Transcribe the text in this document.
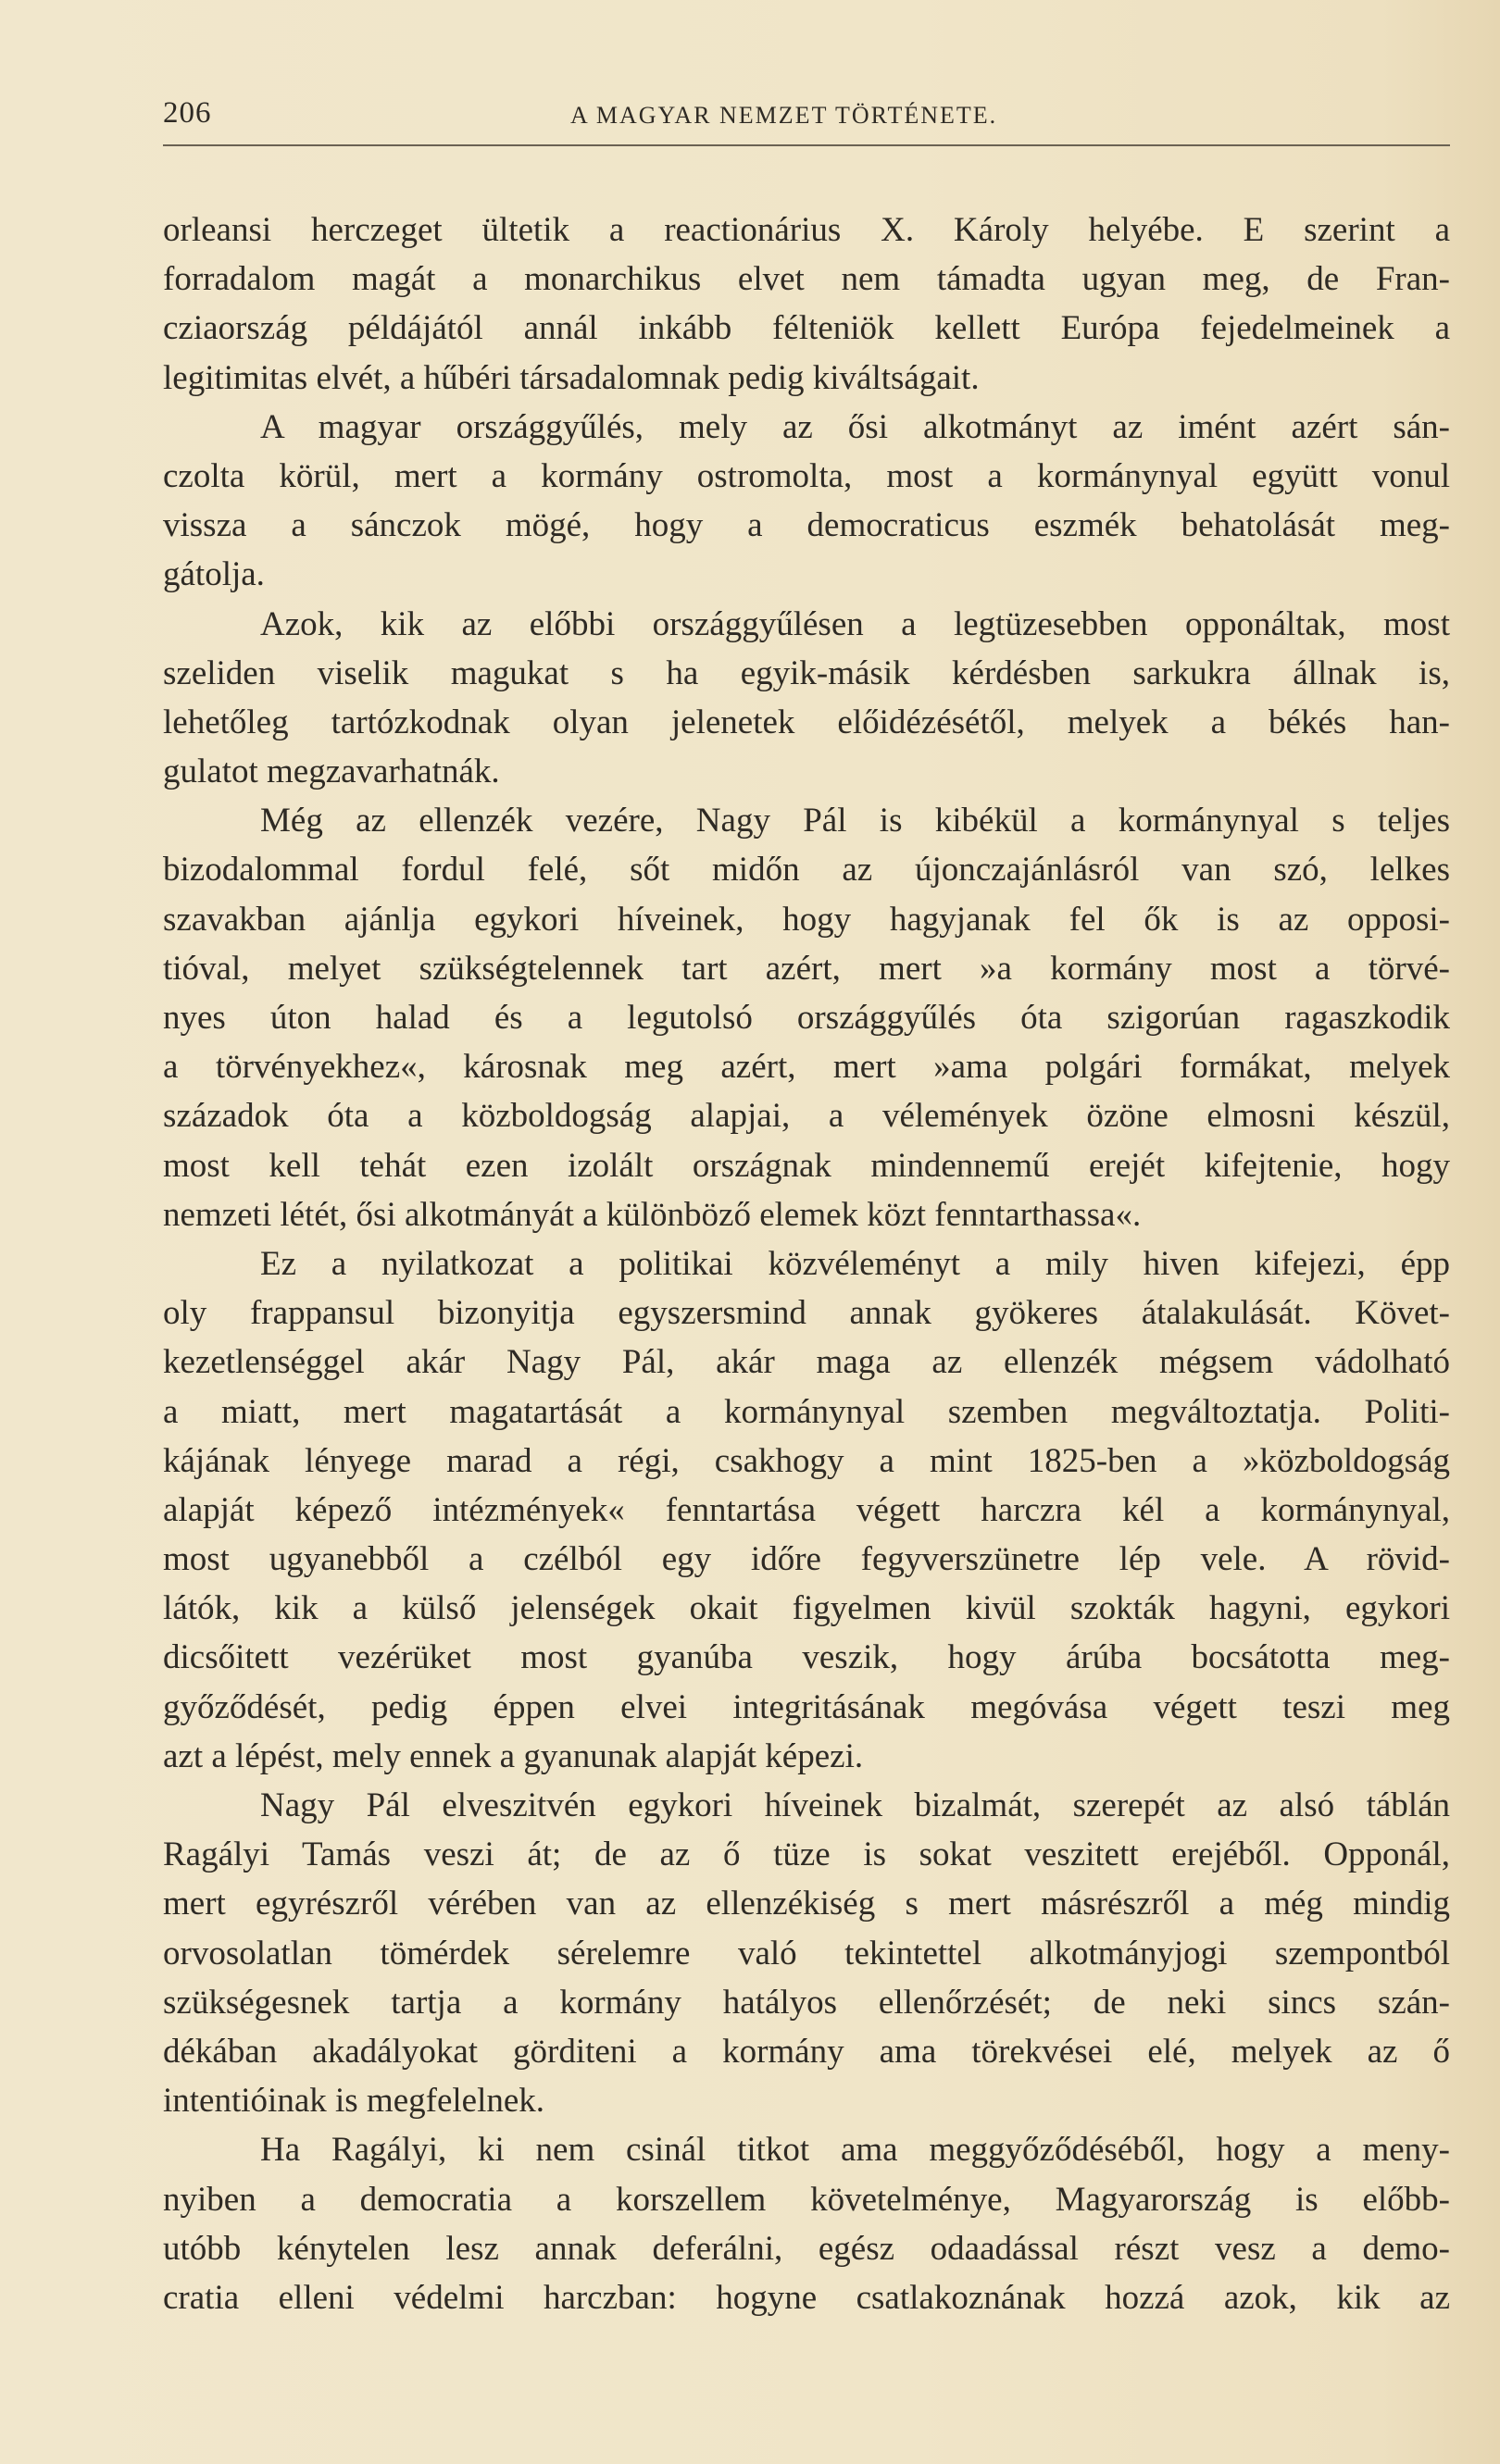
206	A MAGYAR NEMZET TÖRTÉNETE.
orleansi herczeget ültetik a reactionárius X. Károly helyébe. E szerint a
forradalom magát a monarchikus elvet nem támadta ugyan meg, de Fran-
cziaország példájától annál inkább félteniök kellett Európa fejedelmeinek a
legitimitas elvét, a hűbéri társadalomnak pedig kiváltságait.
A magyar országgyűlés, mely az ősi alkotmányt az imént azért sán-
czolta körül, mert a kormány ostromolta, most a kormánynyal együtt vonul
vissza a sánczok mögé, hogy a democraticus eszmék behatolását meg-
gátolja.
Azok, kik az előbbi országgyűlésen a legtüzesebben opponáltak, most
szeliden viselik magukat s ha egyik-másik kérdésben sarkukra állnak is,
lehetőleg tartózkodnak olyan jelenetek előidézésétől, melyek a békés han-
gulatot megzavarhatnák.
Még az ellenzék vezére, Nagy Pál is kibékül a kormánynyal s teljes
bizodalommal fordul felé, sőt midőn az újonczajánlásról van szó, lelkes
szavakban ajánlja egykori híveinek, hogy hagyjanak fel ők is az opposi-
tióval, melyet szükségtelennek tart azért, mert »a kormány most a törvé-
nyes úton halad és a legutolsó országgyűlés óta szigorúan ragaszkodik
a törvényekhez«, károsnak meg azért, mert »ama polgári formákat, melyek
századok óta a közboldogság alapjai, a vélemények özöne elmosni készül,
most kell tehát ezen izolált országnak mindennemű erejét kifejtenie, hogy
nemzeti létét, ősi alkotmányát a különböző elemek közt fenntarthassa«.
Ez a nyilatkozat a politikai közvéleményt a mily hiven kifejezi, épp
oly frappansul bizonyitja egyszersmind annak gyökeres átalakulását. Követ-
kezetlenséggel akár Nagy Pál, akár maga az ellenzék mégsem vádolható
a miatt, mert magatartását a kormánynyal szemben megváltoztatja. Politi-
kájának lényege marad a régi, csakhogy a mint 1825-ben a »közboldogság
alapját képező intézmények« fenntartása végett harczra kél a kormánynyal,
most ugyanebből a czélból egy időre fegyverszünetre lép vele. A rövid-
látók, kik a külső jelenségek okait figyelmen kivül szokták hagyni, egykori
dicsőitett vezérüket most gyanúba veszik, hogy árúba bocsátotta meg-
győződését, pedig éppen elvei integritásának megóvása végett teszi meg
azt a lépést, mely ennek a gyanunak alapját képezi.
Nagy Pál elveszitvén egykori híveinek bizalmát, szerepét az alsó táblán
Ragályi Tamás veszi át; de az ő tüze is sokat veszitett erejéből. Opponál,
mert egyrészről vérében van az ellenzékiség s mert másrészről a még mindig
orvosolatlan tömérdek sérelemre való tekintettel alkotmányjogi szempontból
szükségesnek tartja a kormány hatályos ellenőrzését; de neki sincs szán-
dékában akadályokat görditeni a kormány ama törekvései elé, melyek az ő
intentióinak is megfelelnek.
Ha Ragályi, ki nem csinál titkot ama meggyőződéséből, hogy a meny-
nyiben a democratia a korszellem követelménye, Magyarország is előbb-
utóbb kénytelen lesz annak deferálni, egész odaadással részt vesz a demo-
cratia elleni védelmi harczban: hogyne csatlakoznának hozzá azok, kik az
